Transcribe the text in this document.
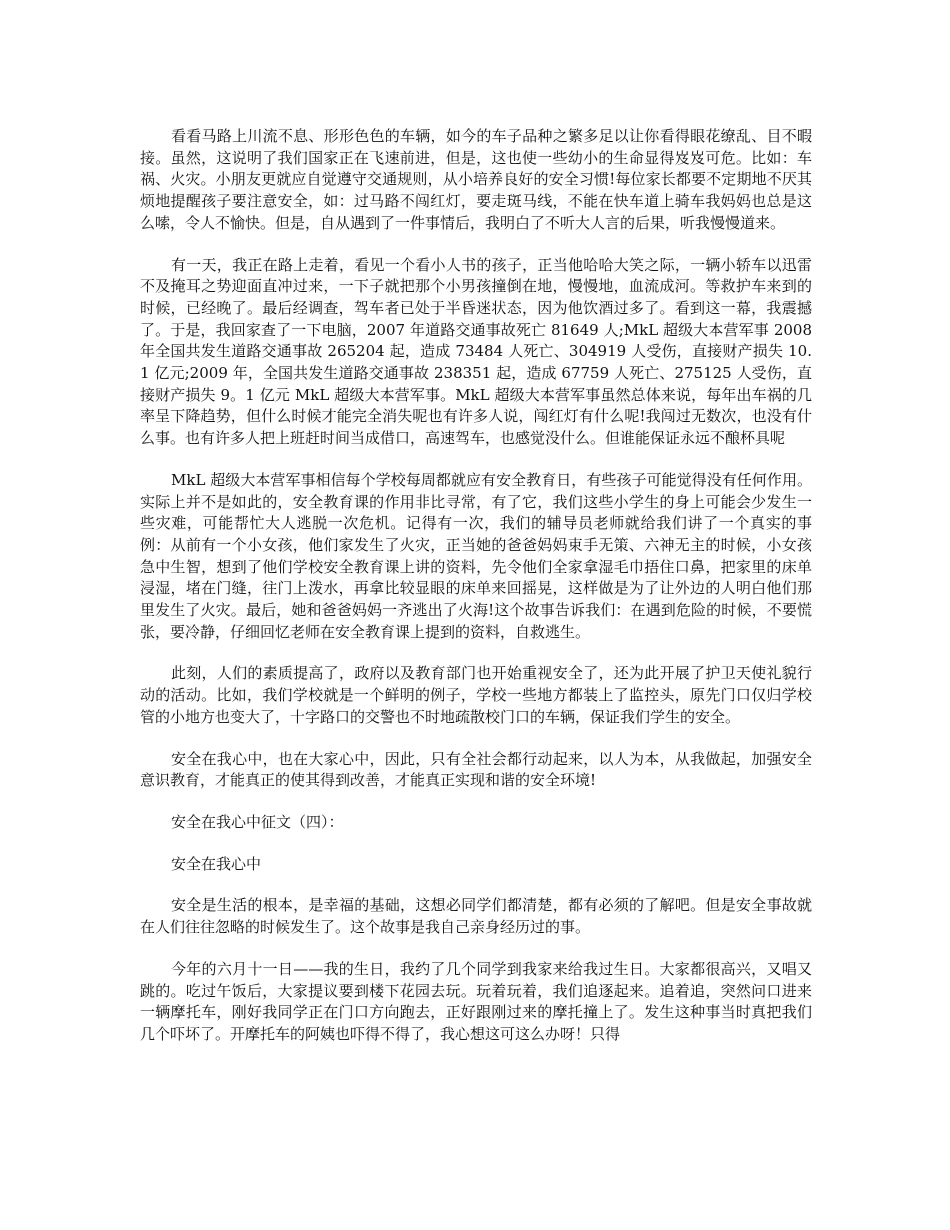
看看马路上川流不息、形形色色的车辆，如今的车子品种之繁多足以让你看得眼花缭乱、目不暇接。虽然，这说明了我们国家正在飞速前进，但是，这也使一些幼小的生命显得岌岌可危。比如：车祸、火灾。小朋友更就应自觉遵守交通规则，从小培养良好的安全习惯!每位家长都要不定期地不厌其烦地提醒孩子要注意安全，如：过马路不闯红灯，要走斑马线，不能在快车道上骑车我妈妈也总是这么嗦，令人不愉快。但是，自从遇到了一件事情后，我明白了不听大人言的后果，听我慢慢道来。

有一天，我正在路上走着，看见一个看小人书的孩子，正当他哈哈大笑之际，一辆小轿车以迅雷不及掩耳之势迎面直冲过来，一下子就把那个小男孩撞倒在地，慢慢地，血流成河。等救护车来到的时候，已经晚了。最后经调查，驾车者已处于半昏迷状态，因为他饮酒过多了。看到这一幕，我震撼了。于是，我回家查了一下电脑，2007 年道路交通事故死亡 81649 人;MkL 超级大本营军事 2008 年全国共发生道路交通事故 265204 起，造成 73484 人死亡、304919 人受伤，直接财产损失 10.1 亿元;2009 年，全国共发生道路交通事故 238351 起，造成 67759 人死亡、275125 人受伤，直接财产损失 9。1 亿元 MkL 超级大本营军事。MkL 超级大本营军事虽然总体来说，每年出车祸的几率呈下降趋势，但什么时候才能完全消失呢也有许多人说，闯红灯有什么呢!我闯过无数次，也没有什么事。也有许多人把上班赶时间当成借口，高速驾车，也感觉没什么。但谁能保证永远不酿杯具呢

MkL 超级大本营军事相信每个学校每周都就应有安全教育日，有些孩子可能觉得没有任何作用。实际上并不是如此的，安全教育课的作用非比寻常，有了它，我们这些小学生的身上可能会少发生一些灾难，可能帮忙大人逃脱一次危机。记得有一次，我们的辅导员老师就给我们讲了一个真实的事例：从前有一个小女孩，他们家发生了火灾，正当她的爸爸妈妈束手无策、六神无主的时候，小女孩急中生智，想到了他们学校安全教育课上讲的资料，先令他们全家拿湿毛巾捂住口鼻，把家里的床单浸湿，堵在门缝，往门上泼水，再拿比较显眼的床单来回摇晃，这样做是为了让外边的人明白他们那里发生了火灾。最后，她和爸爸妈妈一齐逃出了火海!这个故事告诉我们：在遇到危险的时候，不要慌张，要冷静，仔细回忆老师在安全教育课上提到的资料，自救逃生。

此刻，人们的素质提高了，政府以及教育部门也开始重视安全了，还为此开展了护卫天使礼貌行动的活动。比如，我们学校就是一个鲜明的例子，学校一些地方都装上了监控头，原先门口仅归学校管的小地方也变大了，十字路口的交警也不时地疏散校门口的车辆，保证我们学生的安全。

安全在我心中，也在大家心中，因此，只有全社会都行动起来，以人为本，从我做起，加强安全意识教育，才能真正的使其得到改善，才能真正实现和谐的安全环境!

安全在我心中征文（四）：

安全在我心中

安全是生活的根本，是幸福的基础，这想必同学们都清楚，都有必须的了解吧。但是安全事故就在人们往往忽略的时候发生了。这个故事是我自己亲身经历过的事。

今年的六月十一日——我的生日，我约了几个同学到我家来给我过生日。大家都很高兴，又唱又跳的。吃过午饭后，大家提议要到楼下花园去玩。玩着玩着，我们追逐起来。追着追，突然问口进来一辆摩托车，刚好我同学正在门口方向跑去，正好跟刚过来的摩托撞上了。发生这种事当时真把我们几个吓坏了。开摩托车的阿姨也吓得不得了，我心想这可这么办呀！只得
